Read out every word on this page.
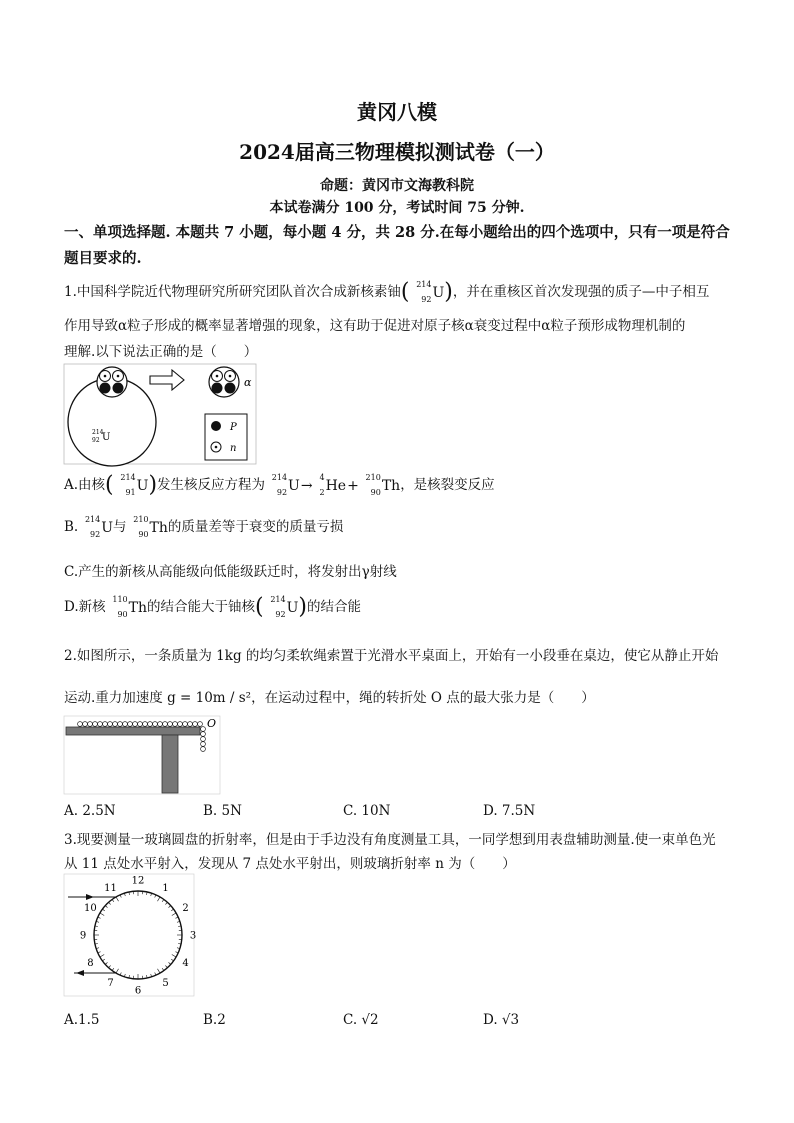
黄冈八模
2024届高三物理模拟测试卷（一）
命题：黄冈市文海教科院
本试卷满分 100 分，考试时间 75 分钟.
一、单项选择题. 本题共 7 小题，每小题 4 分，共 28 分.在每小题给出的四个选项中，只有一项是符合题目要求的.
1.中国科学院近代物理研究所研究团队首次合成新核素铀( 214
92 U)，并在重核区首次发现强的质子—中子相互
作用导致α粒子形成的概率显著增强的现象，这有助于促进对原子核α衰变过程中α粒子预形成物理机制的
理解.以下说法正确的是（　　）
214
92 U
α
P
n
A.由核( 214
91 U)发生核反应方程为 214
92 U→
4
2 He+
210
90 Th，是核裂变反应
B. 214
92 U与 210
90 Th的质量差等于衰变的质量亏损
C.产生的新核从高能级向低能级跃迁时，将发射出γ射线
D.新核 110
90 Th的结合能大于铀核( 214
92 U)的结合能
2.如图所示，一条质量为 1kg 的均匀柔软绳索置于光滑水平桌面上，开始有一小段垂在桌边，使它从静止开始
运动.重力加速度 g = 10m / s²，在运动过程中，绳的转折处 O 点的最大张力是（　　）
O
A. 2.5N	B. 5N	C. 10N	D. 7.5N
3.现要测量一玻璃圆盘的折射率，但是由于手边没有角度测量工具，一同学想到用表盘辅助测量.使一束单色光
从 11 点处水平射入，发现从 7 点处水平射出，则玻璃折射率 n 为（　　）
12
1
2
3
4
5
6
7
8
9
10
11
A.1.5	B.2	C. √2	D. √3
